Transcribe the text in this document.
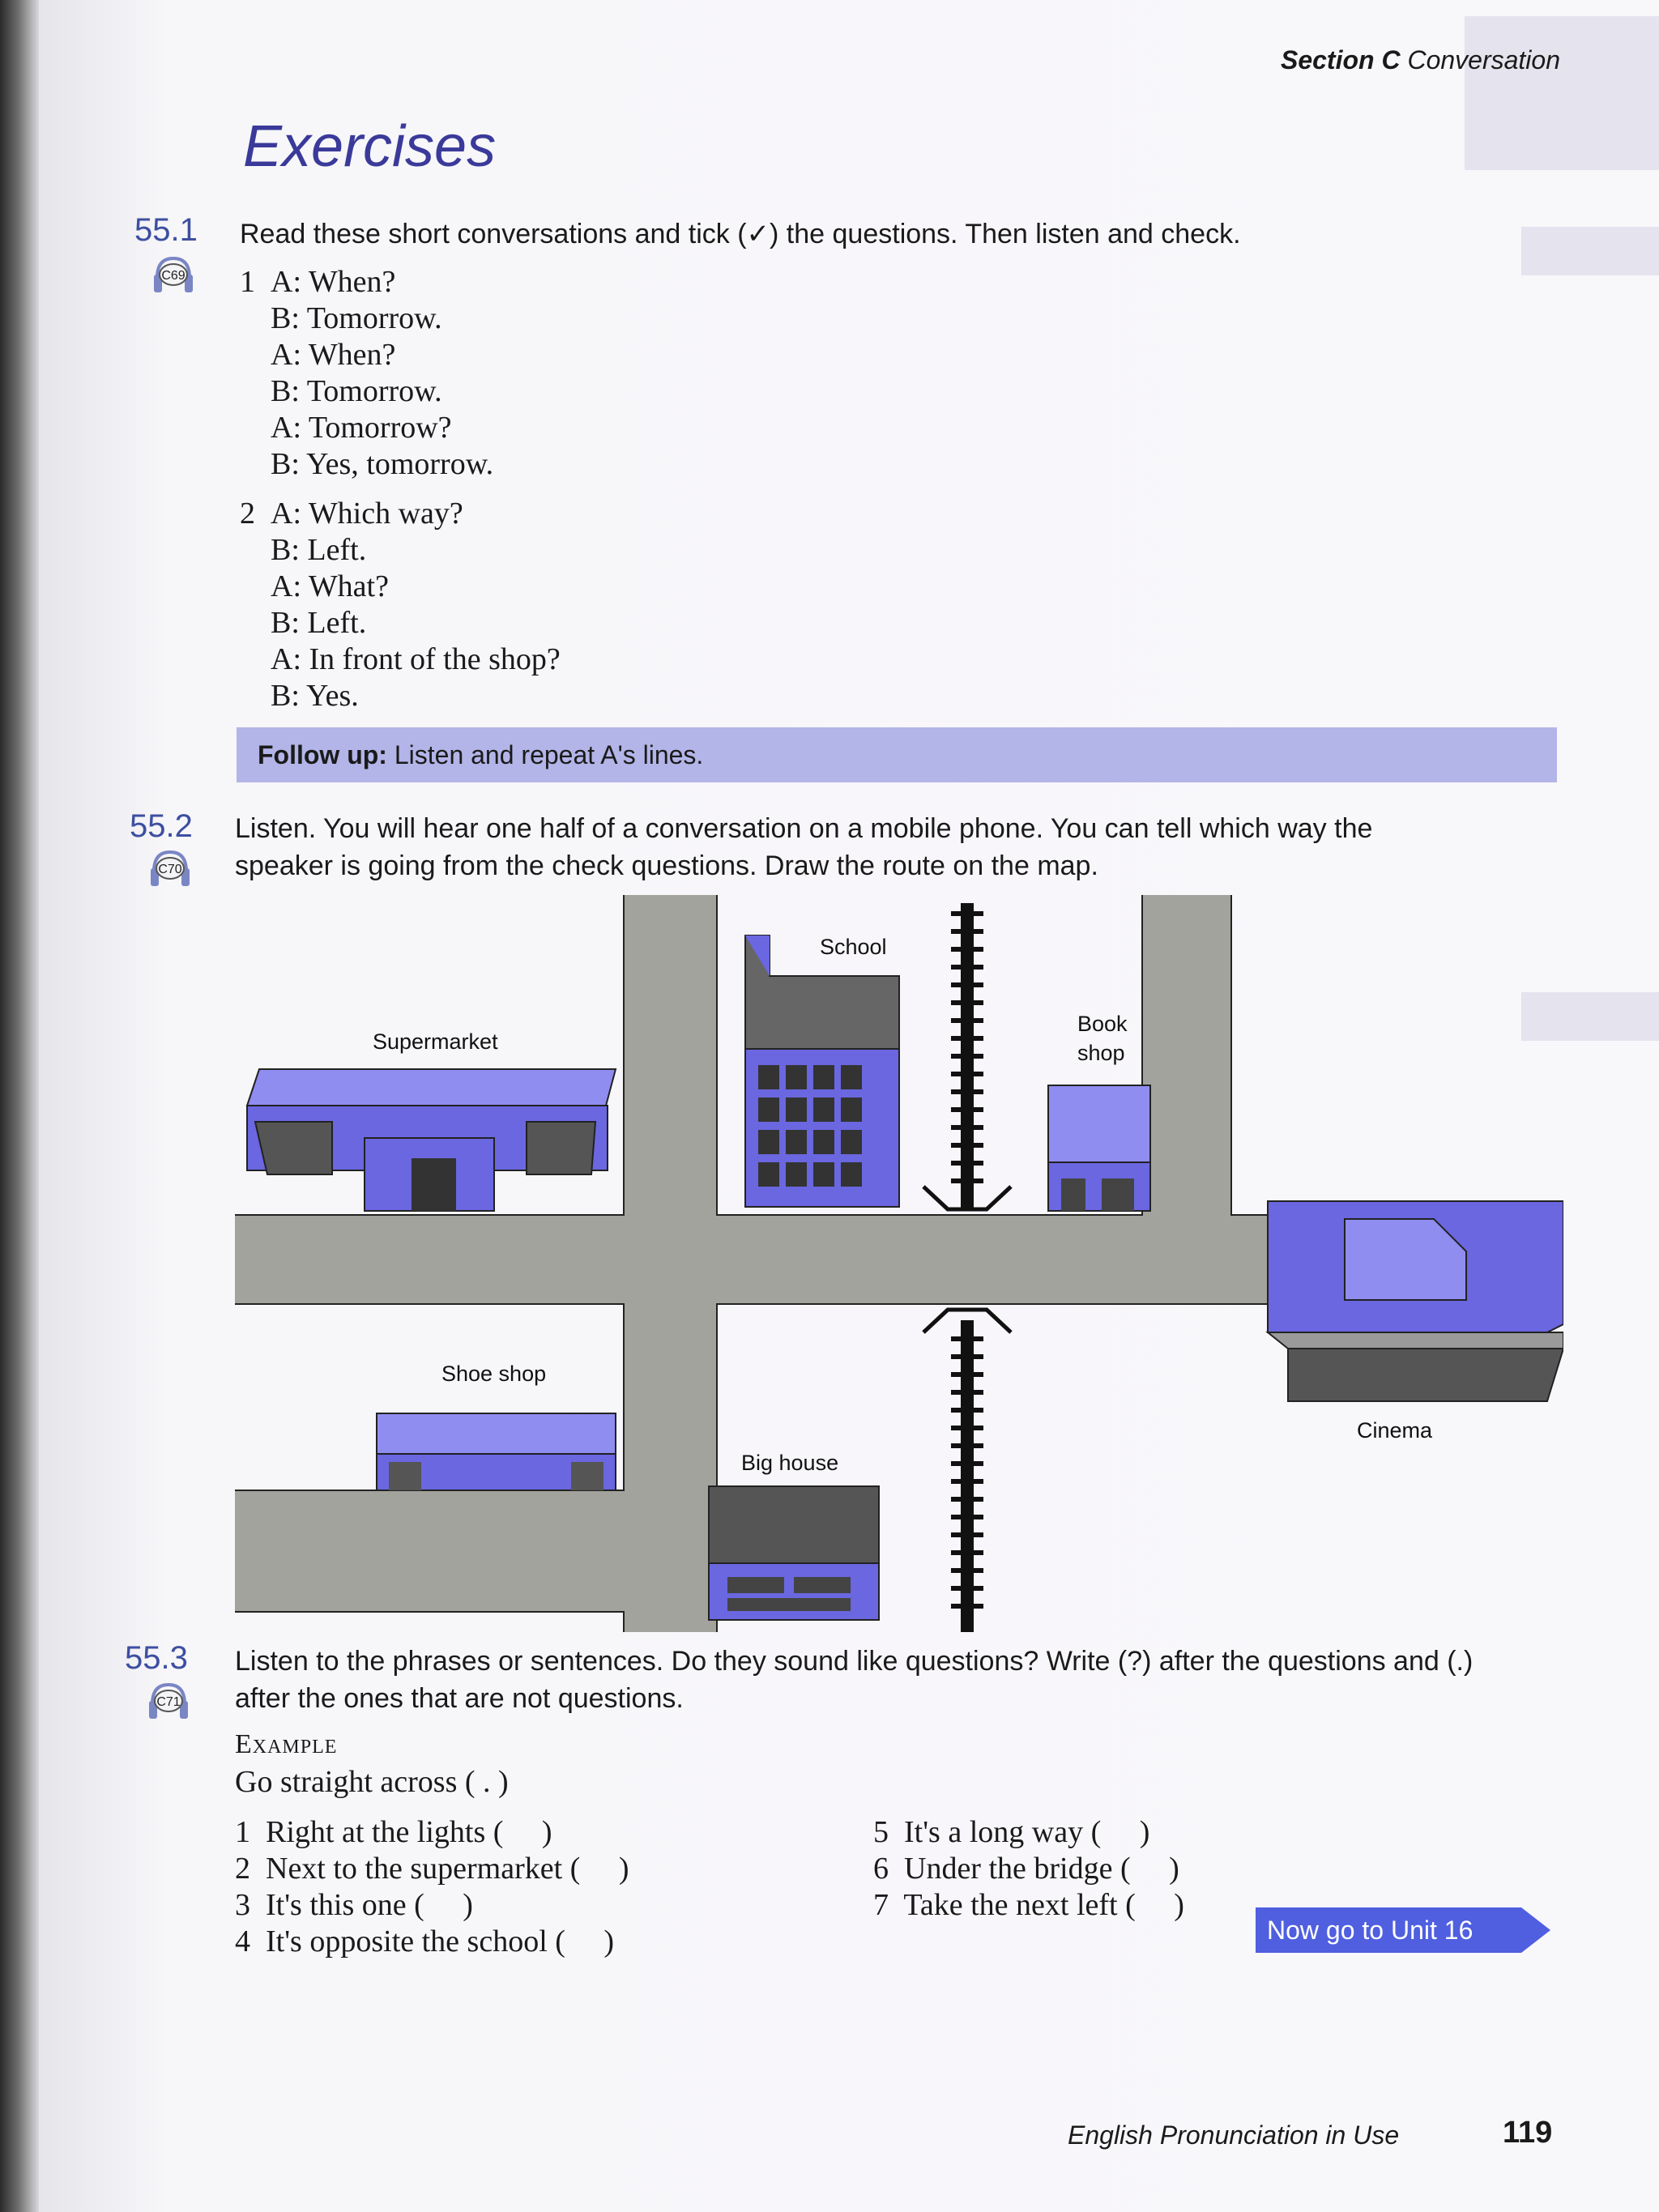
Section C Conversation
Exercises
55.1
C69
Read these short conversations and tick (✓) the questions. Then listen and check.
1 A: When?
B: Tomorrow.
A: When?
B: Tomorrow.
A: Tomorrow?
B: Yes, tomorrow.
2 A: Which way?
B: Left.
A: What?
B: Left.
A: In front of the shop?
B: Yes.
Follow up: Listen and repeat A's lines.
55.2
C70
Listen. You will hear one half of a conversation on a mobile phone. You can tell which way the
speaker is going from the check questions. Draw the route on the map.
School
Supermarket
Book
shop
Cinema
Shoe shop
Big house
55.3
C71
Listen to the phrases or sentences. Do they sound like questions? Write (?) after the questions and (.)
after the ones that are not questions.
Example
Go straight across ( . )
1  Right at the lights (     )
2  Next to the supermarket (     )
3  It's this one (     )
4  It's opposite the school (     )
5  It's a long way (     )
6  Under the bridge (     )
7  Take the next left (     )
Now go to Unit 16
English Pronunciation in Use	119
